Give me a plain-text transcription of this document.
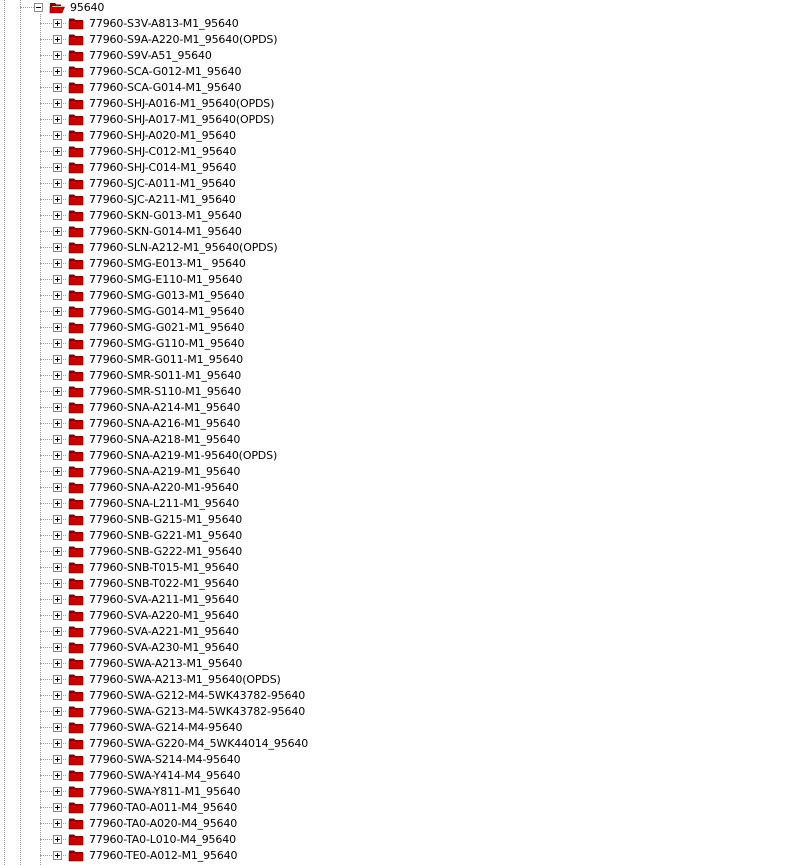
95640
77960-S3V-A813-M1_95640
77960-S9A-A220-M1_95640(OPDS)
77960-S9V-A51_95640
77960-SCA-G012-M1_95640
77960-SCA-G014-M1_95640
77960-SHJ-A016-M1_95640(OPDS)
77960-SHJ-A017-M1_95640(OPDS)
77960-SHJ-A020-M1_95640
77960-SHJ-C012-M1_95640
77960-SHJ-C014-M1_95640
77960-SJC-A011-M1_95640
77960-SJC-A211-M1_95640
77960-SKN-G013-M1_95640
77960-SKN-G014-M1_95640
77960-SLN-A212-M1_95640(OPDS)
77960-SMG-E013-M1_ 95640
77960-SMG-E110-M1_95640
77960-SMG-G013-M1_95640
77960-SMG-G014-M1_95640
77960-SMG-G021-M1_95640
77960-SMG-G110-M1_95640
77960-SMR-G011-M1_95640
77960-SMR-S011-M1_95640
77960-SMR-S110-M1_95640
77960-SNA-A214-M1_95640
77960-SNA-A216-M1_95640
77960-SNA-A218-M1_95640
77960-SNA-A219-M1-95640(OPDS)
77960-SNA-A219-M1_95640
77960-SNA-A220-M1-95640
77960-SNA-L211-M1_95640
77960-SNB-G215-M1_95640
77960-SNB-G221-M1_95640
77960-SNB-G222-M1_95640
77960-SNB-T015-M1_95640
77960-SNB-T022-M1_95640
77960-SVA-A211-M1_95640
77960-SVA-A220-M1_95640
77960-SVA-A221-M1_95640
77960-SVA-A230-M1_95640
77960-SWA-A213-M1_95640
77960-SWA-A213-M1_95640(OPDS)
77960-SWA-G212-M4-5WK43782-95640
77960-SWA-G213-M4-5WK43782-95640
77960-SWA-G214-M4-95640
77960-SWA-G220-M4_5WK44014_95640
77960-SWA-S214-M4-95640
77960-SWA-Y414-M4_95640
77960-SWA-Y811-M1_95640
77960-TA0-A011-M4_95640
77960-TA0-A020-M4_95640
77960-TA0-L010-M4_95640
77960-TE0-A012-M1_95640
